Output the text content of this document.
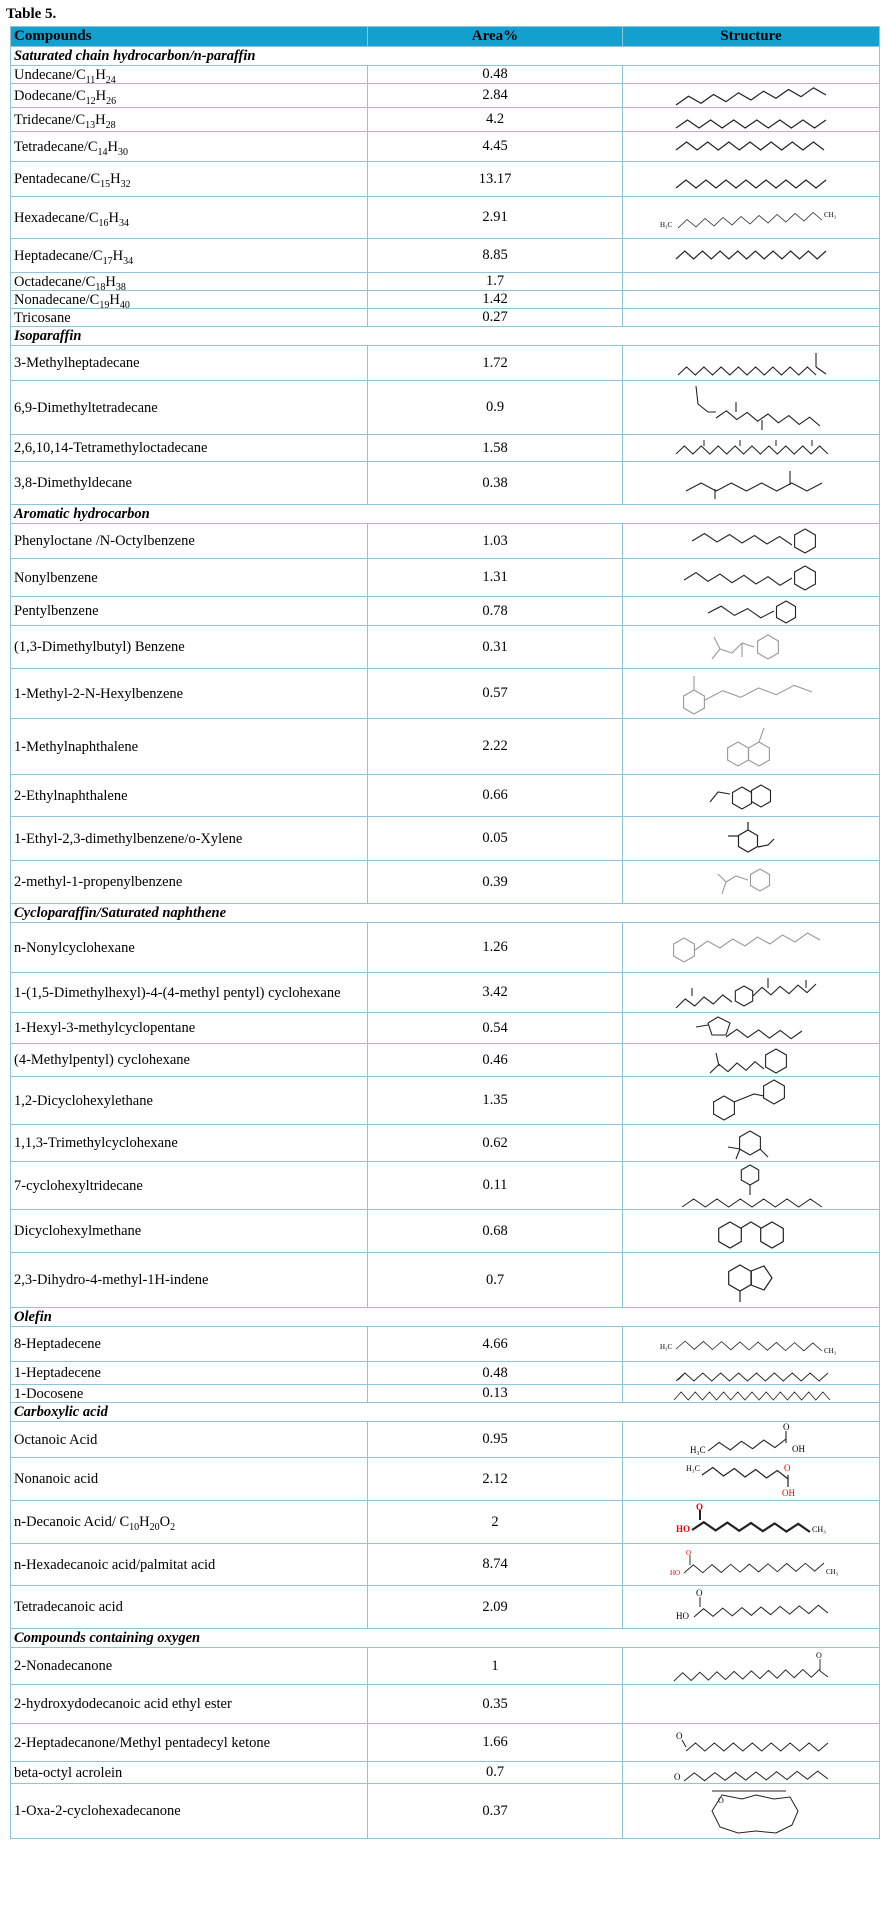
Table 5.
Compounds	Area%	Structure
Saturated chain hydrocarbon/n-paraffin		
Undecane/$C_{11}H_{24}$	0.48	
Dodecane/$C_{12}H_{26}$	2.84	

Tridecane/$C_{13}H_{28}$	4.2	

Tetradecane/$C_{14}H_{30}$	4.45	

Pentadecane/$C_{15}H_{32}$	13.17	

Hexadecane/$C_{16}H_{34}$	2.91	H₃C
CH₃

Heptadecane/$C_{17}H_{34}$	8.85	

Octadecane/$C_{18}H_{38}$	1.7	
Nonadecane/$C_{19}H_{40}$	1.42	
Tricosane	0.27	
Isoparaffin		
3-Methylheptadecane	1.72	

6,9-Dimethyltetradecane	0.9	

2,6,10,14-Tetramethyloctadecane	1.58	

3,8-Dimethyldecane	0.38	

Aromatic hydrocarbon		
Phenyloctane /N-Octylbenzene	1.03	

Nonylbenzene	1.31	

Pentylbenzene	0.78	

(1,3-Dimethylbutyl) Benzene	0.31	

1-Methyl-2-N-Hexylbenzene	0.57	

1-Methylnaphthalene	2.22	

2-Ethylnaphthalene	0.66	

1-Ethyl-2,3-dimethylbenzene/o-Xylene	0.05	

2-methyl-1-propenylbenzene	0.39	

Cycloparaffin/Saturated naphthene		
n-Nonylcyclohexane	1.26	

1-(1,5-Dimethylhexyl)-4-(4-methyl pentyl) cyclohexane	3.42	

1-Hexyl-3-methylcyclopentane	0.54	

(4-Methylpentyl) cyclohexane	0.46	

1,2-Dicyclohexylethane	1.35	

1,1,3-Trimethylcyclohexane	0.62	

7-cyclohexyltridecane	0.11	

Dicyclohexylmethane	0.68	

2,3-Dihydro-4-methyl-1H-indene	0.7	

Olefin		
8-Heptadecene	4.66	H₃C CH₃

1-Heptadecene	0.48	

1-Docosene	0.13	

Carboxylic acid		
Octanoic Acid	0.95	H₃C
O
OH

Nonanoic acid	2.12	H₃C O
OH

n-Decanoic Acid/ $C_{10}H_{20}O_2$	2	HO
O
CH₃

n-Hexadecanoic acid/palmitat acid	8.74	HO
O
CH₃

Tetradecanoic acid	2.09	HO
O

Compounds containing oxygen		
2-Nonadecanone	1	O

2-hydroxydodecanoic acid ethyl ester	0.35	
2-Heptadecanone/Methyl pentadecyl ketone	1.66	O

beta-octyl acrolein	0.7	O

1-Oxa-2-cyclohexadecanone	0.37	O
